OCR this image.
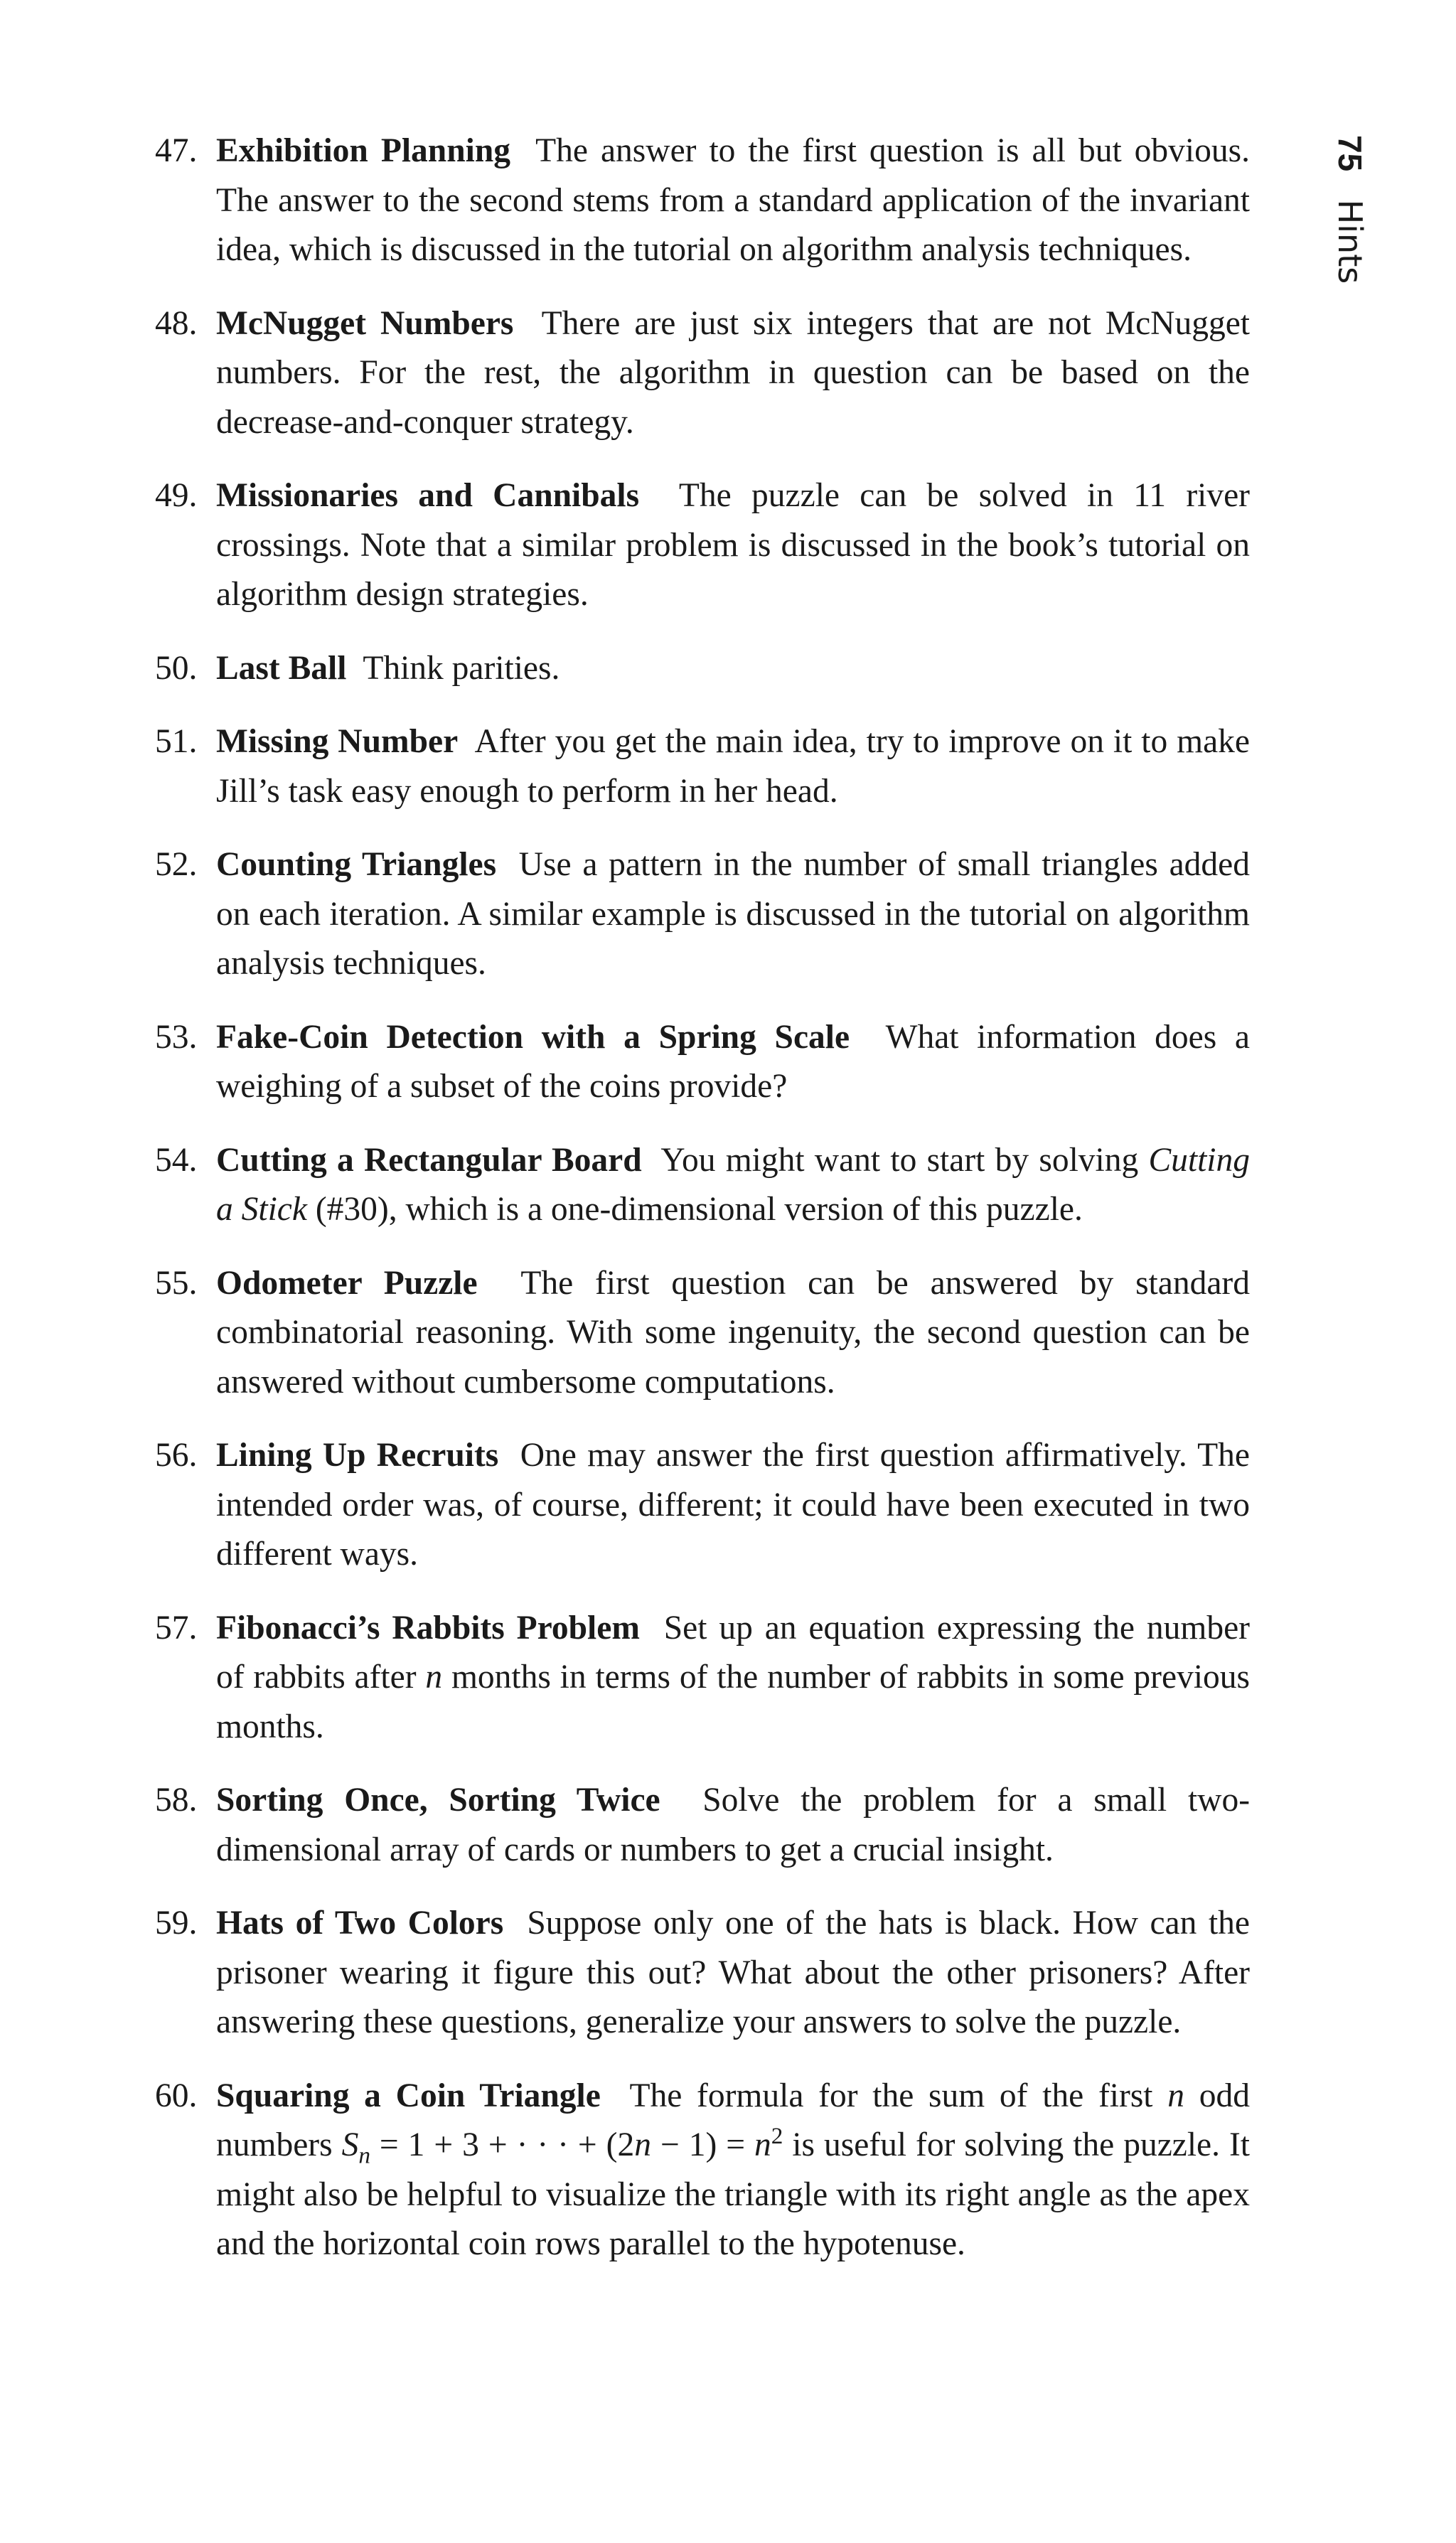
75 Hints
47. Exhibition Planning The answer to the first question is all but obvious. The answer to the second stems from a standard application of the invariant idea, which is discussed in the tutorial on algorithm analysis techniques.
48. McNugget Numbers There are just six integers that are not McNugget numbers. For the rest, the algorithm in question can be based on the decrease-and-conquer strategy.
49. Missionaries and Cannibals The puzzle can be solved in 11 river crossings. Note that a similar problem is discussed in the book’s tutorial on algorithm design strategies.
50. Last Ball Think parities.
51. Missing Number After you get the main idea, try to improve on it to make Jill’s task easy enough to perform in her head.
52. Counting Triangles Use a pattern in the number of small triangles added on each iteration. A similar example is discussed in the tutorial on algorithm analysis techniques.
53. Fake-Coin Detection with a Spring Scale What information does a weighing of a subset of the coins provide?
54. Cutting a Rectangular Board You might want to start by solving Cutting a Stick (#30), which is a one-dimensional version of this puzzle.
55. Odometer Puzzle The first question can be answered by standard combinatorial reasoning. With some ingenuity, the second question can be answered without cumbersome computations.
56. Lining Up Recruits One may answer the first question affirmatively. The intended order was, of course, different; it could have been executed in two different ways.
57. Fibonacci’s Rabbits Problem Set up an equation expressing the number of rabbits after n months in terms of the number of rabbits in some previous months.
58. Sorting Once, Sorting Twice Solve the problem for a small two-dimensional array of cards or numbers to get a crucial insight.
59. Hats of Two Colors Suppose only one of the hats is black. How can the prisoner wearing it figure this out? What about the other prisoners? After answering these questions, generalize your answers to solve the puzzle.
60. Squaring a Coin Triangle The formula for the sum of the first n odd numbers $S_n = 1 + 3$ + · · · + $(2n - 1) = n^2$ is useful for solving the puzzle. It might also be helpful to visualize the triangle with its right angle as the apex and the horizontal coin rows parallel to the hypotenuse.
